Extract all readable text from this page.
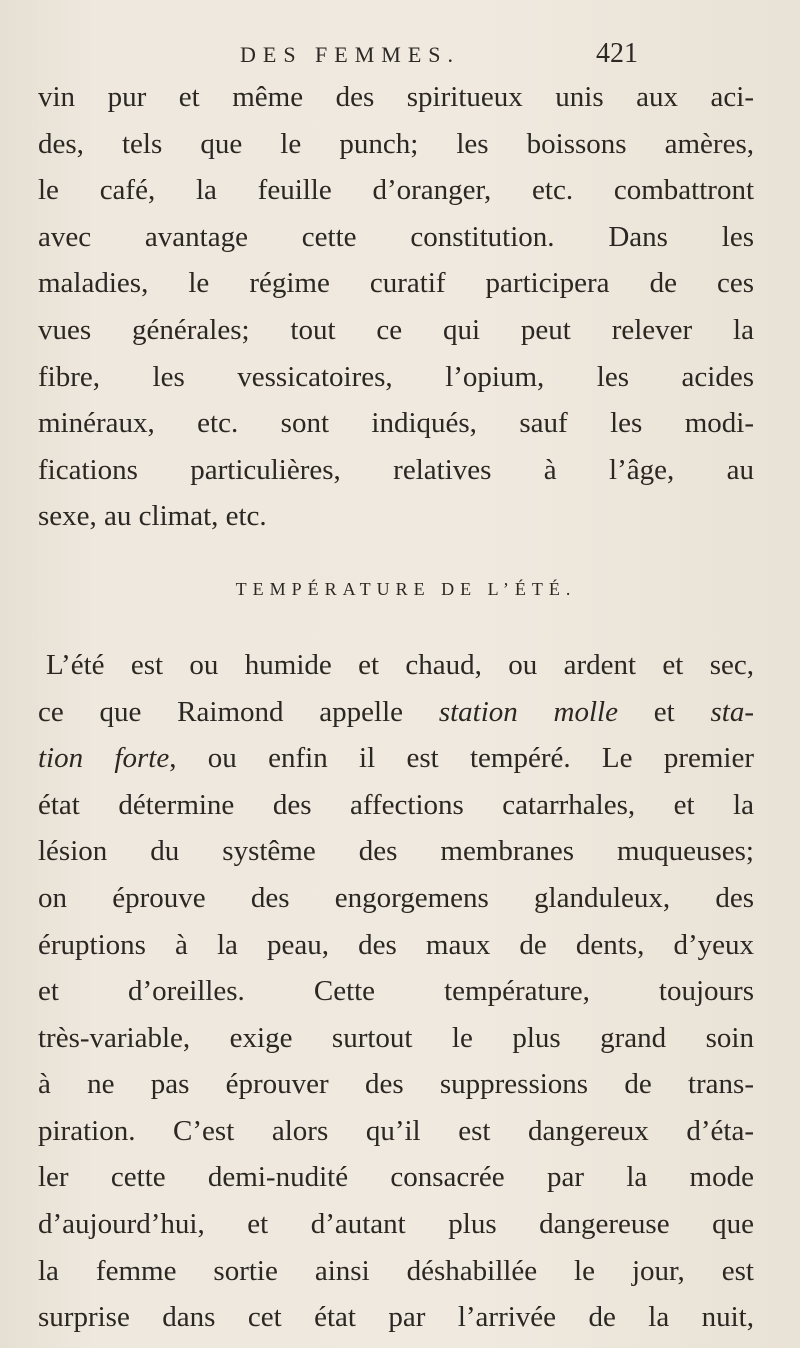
DES FEMMES.	421
vin pur et même des spiritueux unis aux aci-
des, tels que le punch; les boissons amères,
le café, la feuille d’oranger, etc. combattront
avec avantage cette constitution. Dans les
maladies, le régime curatif participera de ces
vues générales; tout ce qui peut relever la
fibre, les vessicatoires, l’opium, les acides
minéraux, etc. sont indiqués, sauf les modi-
fications particulières, relatives à l’âge, au
sexe, au climat, etc.
TEMPÉRATURE DE L’ÉTÉ.
L’été est ou humide et chaud, ou ardent et sec,
ce que Raimond appelle station molle et sta-
tion forte, ou enfin il est tempéré. Le premier
état détermine des affections catarrhales, et la
lésion du systême des membranes muqueuses;
on éprouve des engorgemens glanduleux, des
éruptions à la peau, des maux de dents, d’yeux
et d’oreilles. Cette température, toujours
très-variable, exige surtout le plus grand soin
à ne pas éprouver des suppressions de trans-
piration. C’est alors qu’il est dangereux d’éta-
ler cette demi-nudité consacrée par la mode
d’aujourd’hui, et d’autant plus dangereuse que
la femme sortie ainsi déshabillée le jour, est
surprise dans cet état par l’arrivée de la nuit,
